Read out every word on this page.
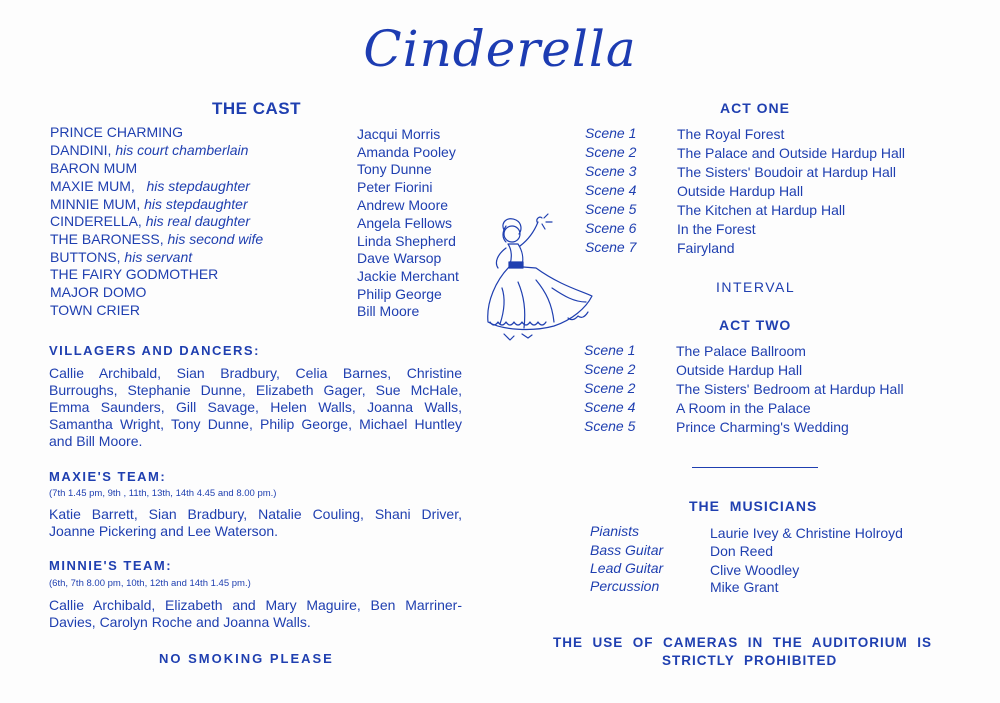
Cinderella
THE CAST
PRINCE CHARMING	Jacqui Morris
DANDINI, his court chamberlain	Amanda Pooley
BARON MUM	Tony Dunne
MAXIE MUM, his stepdaughter	Peter Fiorini
MINNIE MUM, his stepdaughter	Andrew Moore
CINDERELLA, his real daughter	Angela Fellows
THE BARONESS, his second wife	Linda Shepherd
BUTTONS, his servant	Dave Warsop
THE FAIRY GODMOTHER	Jackie Merchant
MAJOR DOMO	Philip George
TOWN CRIER	Bill Moore
VILLAGERS AND DANCERS:
Callie Archibald, Sian Bradbury, Celia Barnes, Christine Burroughs, Stephanie Dunne, Elizabeth Gager, Sue McHale, Emma Saunders, Gill Savage, Helen Walls, Joanna Walls, Samantha Wright, Tony Dunne, Philip George, Michael Huntley and Bill Moore.
MAXIE'S TEAM:
(7th 1.45 pm, 9th , 11th, 13th, 14th 4.45 and 8.00 pm.)
Katie Barrett, Sian Bradbury, Natalie Couling, Shani Driver, Joanne Pickering and Lee Waterson.
MINNIE'S TEAM:
(6th, 7th 8.00 pm, 10th, 12th and 14th 1.45 pm.)
Callie Archibald, Elizabeth and Mary Maguire, Ben Marriner-Davies, Carolyn Roche and Joanna Walls.
NO SMOKING PLEASE
ACT ONE
Scene 1	The Royal Forest
Scene 2	The Palace and Outside Hardup Hall
Scene 3	The Sisters' Boudoir at Hardup Hall
Scene 4	Outside Hardup Hall
Scene 5	The Kitchen at Hardup Hall
Scene 6	In the Forest
Scene 7	Fairyland
INTERVAL
ACT TWO
Scene 1	The Palace Ballroom
Scene 2	Outside Hardup Hall
Scene 2	The Sisters' Bedroom at Hardup Hall
Scene 4	A Room in the Palace
Scene 5	Prince Charming's Wedding
THE  MUSICIANS
Pianists	Laurie Ivey & Christine Holroyd
Bass Guitar	Don Reed
Lead Guitar	Clive Woodley
Percussion	Mike Grant
THE  USE  OF  CAMERAS  IN  THE  AUDITORIUM  IS
STRICTLY  PROHIBITED
